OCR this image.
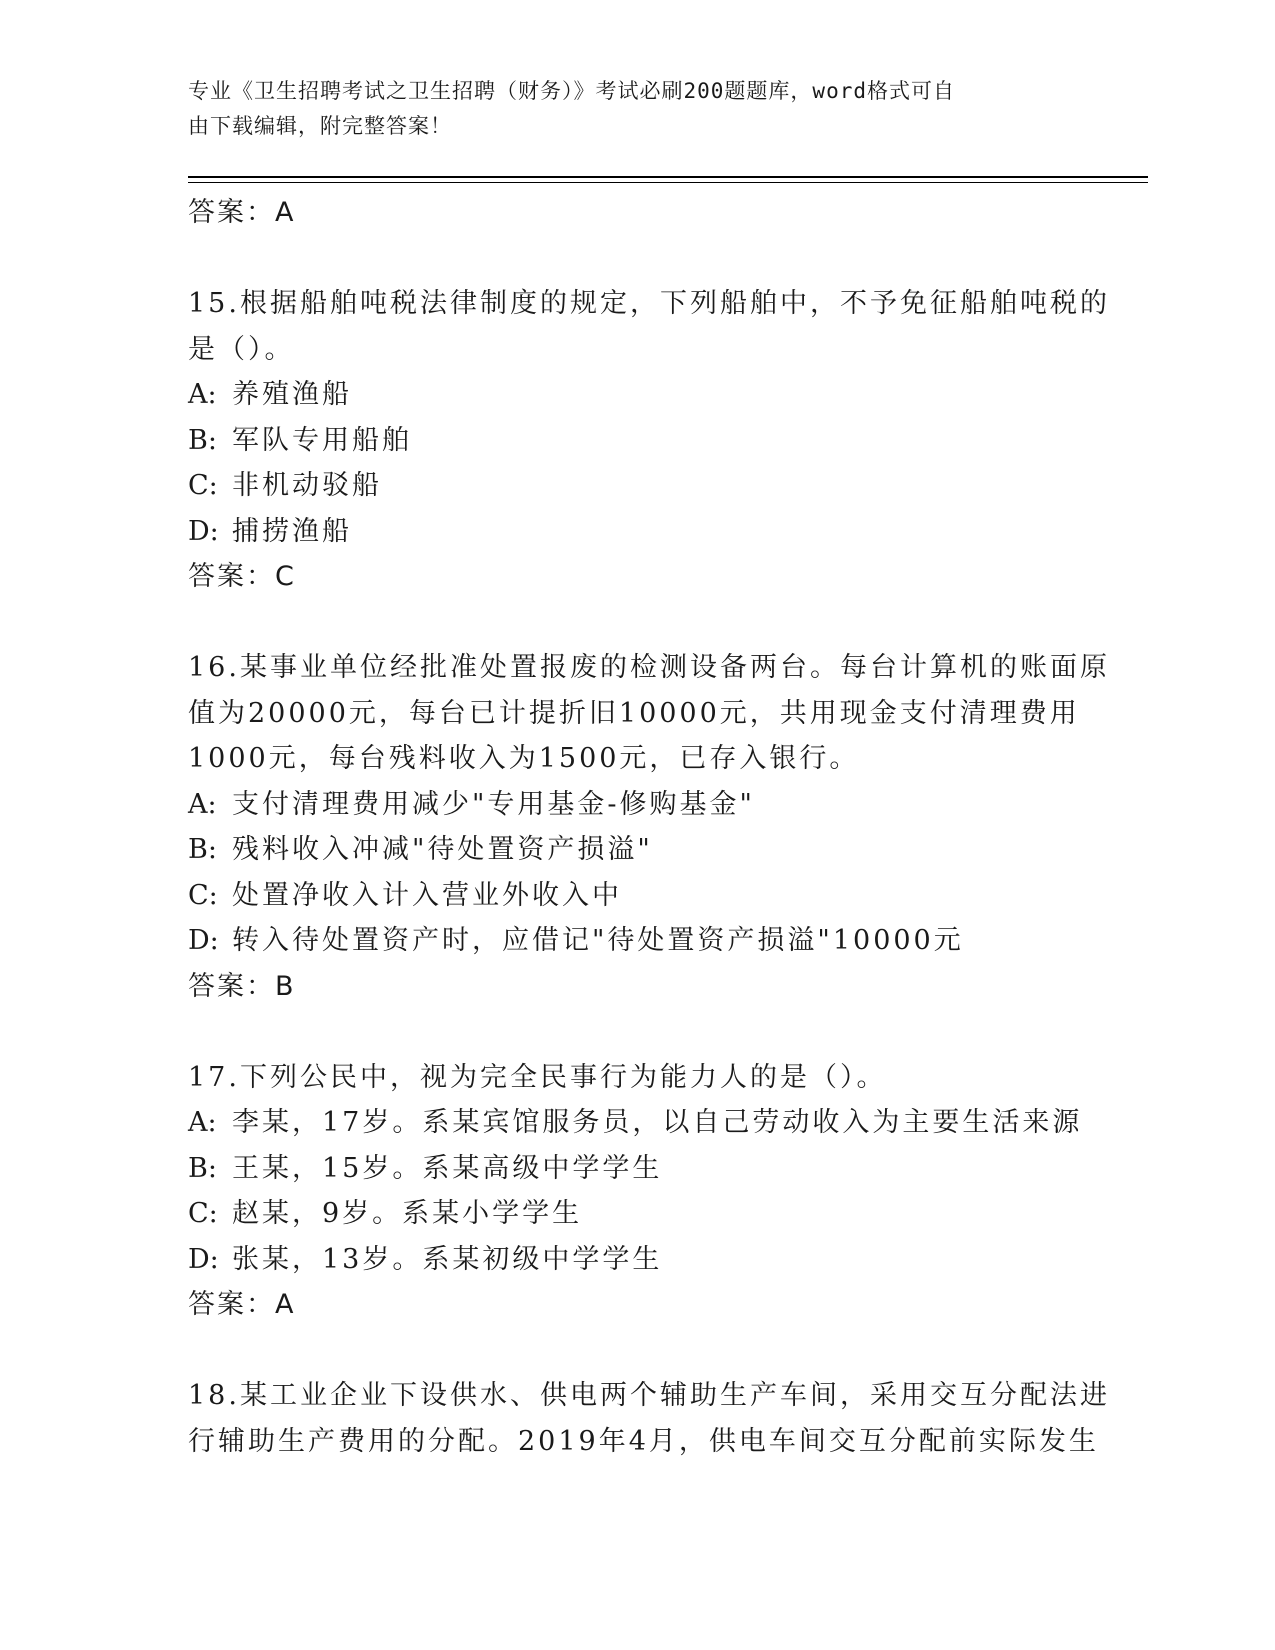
专业《卫生招聘考试之卫生招聘（财务）》考试必刷200题题库，word格式可自
由下载编辑，附完整答案！
答案：A
15.根据船舶吨税法律制度的规定，下列船舶中，不予免征船舶吨税的
是（）。
A: 养殖渔船
B: 军队专用船舶
C: 非机动驳船
D: 捕捞渔船
答案：C
16.某事业单位经批准处置报废的检测设备两台。每台计算机的账面原
值为20000元，每台已计提折旧10000元，共用现金支付清理费用
1000元，每台残料收入为1500元，已存入银行。
A: 支付清理费用减少"专用基金-修购基金"
B: 残料收入冲减"待处置资产损溢"
C: 处置净收入计入营业外收入中
D: 转入待处置资产时，应借记"待处置资产损溢"10000元
答案：B
17.下列公民中，视为完全民事行为能力人的是（）。
A: 李某，17岁。系某宾馆服务员，以自己劳动收入为主要生活来源
B: 王某，15岁。系某高级中学学生
C: 赵某，9岁。系某小学学生
D: 张某，13岁。系某初级中学学生
答案：A
18.某工业企业下设供水、供电两个辅助生产车间，采用交互分配法进
行辅助生产费用的分配。2019年4月，供电车间交互分配前实际发生
